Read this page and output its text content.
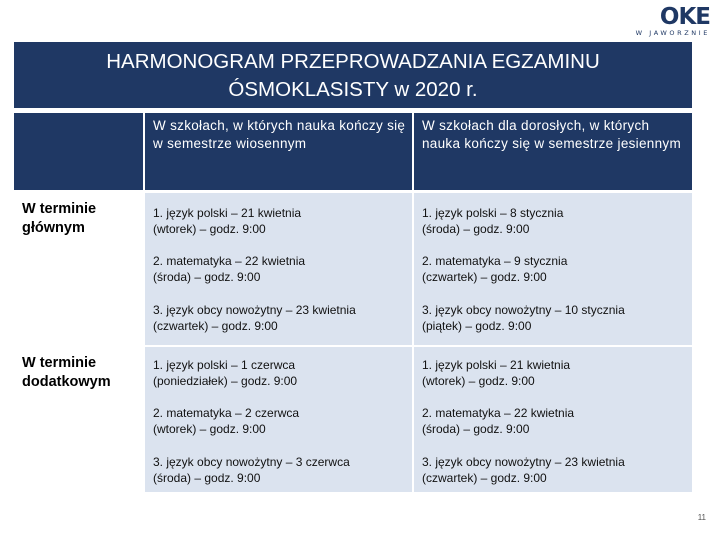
OKE
W JAWORZNIE
HARMONOGRAM PRZEPROWADZANIA EGZAMINU
ÓSMOKLASISTY w 2020 r.
W szkołach, w których nauka kończy się w semestrze wiosennym
W szkołach dla dorosłych, w których nauka kończy się w semestrze jesiennym
W terminie głównym
1. język polski – 21 kwietnia
(wtorek) – godz. 9:00
2. matematyka – 22 kwietnia
(środa) – godz. 9:00
3. język obcy nowożytny – 23 kwietnia
(czwartek) – godz. 9:00
1. język polski – 8 stycznia
(środa) – godz. 9:00
2. matematyka – 9 stycznia
(czwartek) – godz. 9:00
3. język obcy nowożytny – 10 stycznia
(piątek) – godz. 9:00
W terminie dodatkowym
1. język polski – 1 czerwca
(poniedziałek) – godz. 9:00
2. matematyka – 2 czerwca
(wtorek) – godz. 9:00
3. język obcy nowożytny – 3 czerwca
(środa) – godz. 9:00
1. język polski – 21 kwietnia
(wtorek) – godz. 9:00
2. matematyka – 22 kwietnia
(środa) – godz. 9:00
3. język obcy nowożytny – 23 kwietnia
(czwartek) – godz. 9:00
11
